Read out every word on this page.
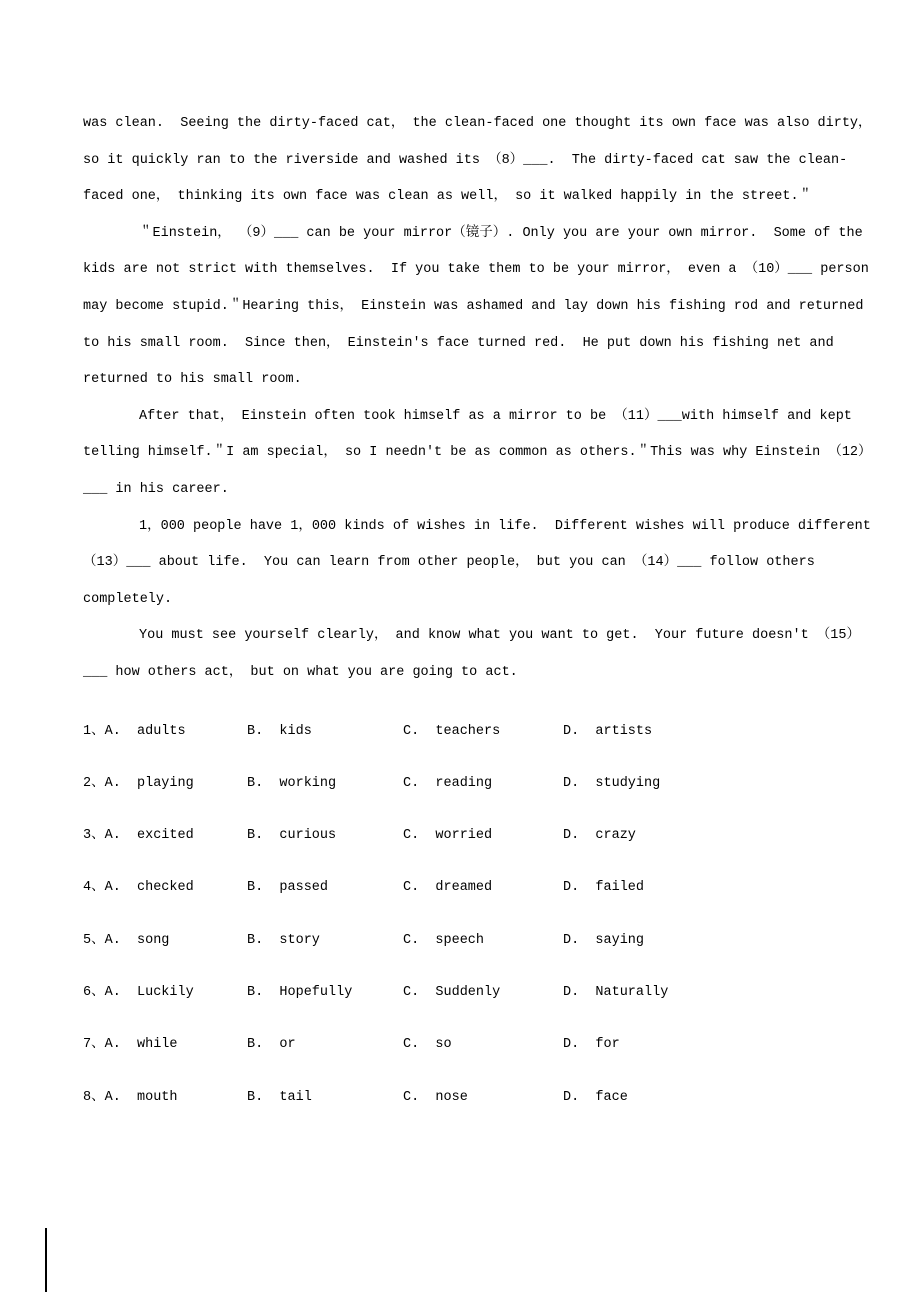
was clean.  Seeing the dirty-faced cat， the clean-faced one thought its own face was also dirty， so it quickly ran to the riverside and washed its （8）___.  The dirty-faced cat saw the clean-faced one， thinking its own face was clean as well， so it walked happily in the street.＂

＂Einstein， （9）___ can be your mirror（镜子）. Only you are your own mirror.  Some of the kids are not strict with themselves.  If you take them to be your mirror， even a （10）___ person may become stupid.＂Hearing this， Einstein was ashamed and lay down his fishing rod and returned to his small room.  Since then， Einstein's face turned red.  He put down his fishing net and returned to his small room.

After that， Einstein often took himself as a mirror to be （11）___with himself and kept telling himself.＂I am special， so I needn't be as common as others.＂This was why Einstein （12）___ in his career.

1，000 people have 1，000 kinds of wishes in life.  Different wishes will produce different （13）___ about life.  You can learn from other people， but you can （14）___ follow others completely.

You must see yourself clearly， and know what you want to get.  Your future doesn't （15）___ how others act， but on what you are going to act.

1、A.  adults	B.  kids	C.  teachers	D.  artists
2、A.  playing	B.  working	C.  reading	D.  studying
3、A.  excited	B.  curious	C.  worried	D.  crazy
4、A.  checked	B.  passed	C.  dreamed	D.  failed
5、A.  song	B.  story	C.  speech	D.  saying
6、A.  Luckily	B.  Hopefully	C.  Suddenly	D.  Naturally
7、A.  while	B.  or	C.  so	D.  for
8、A.  mouth	B.  tail	C.  nose	D.  face
